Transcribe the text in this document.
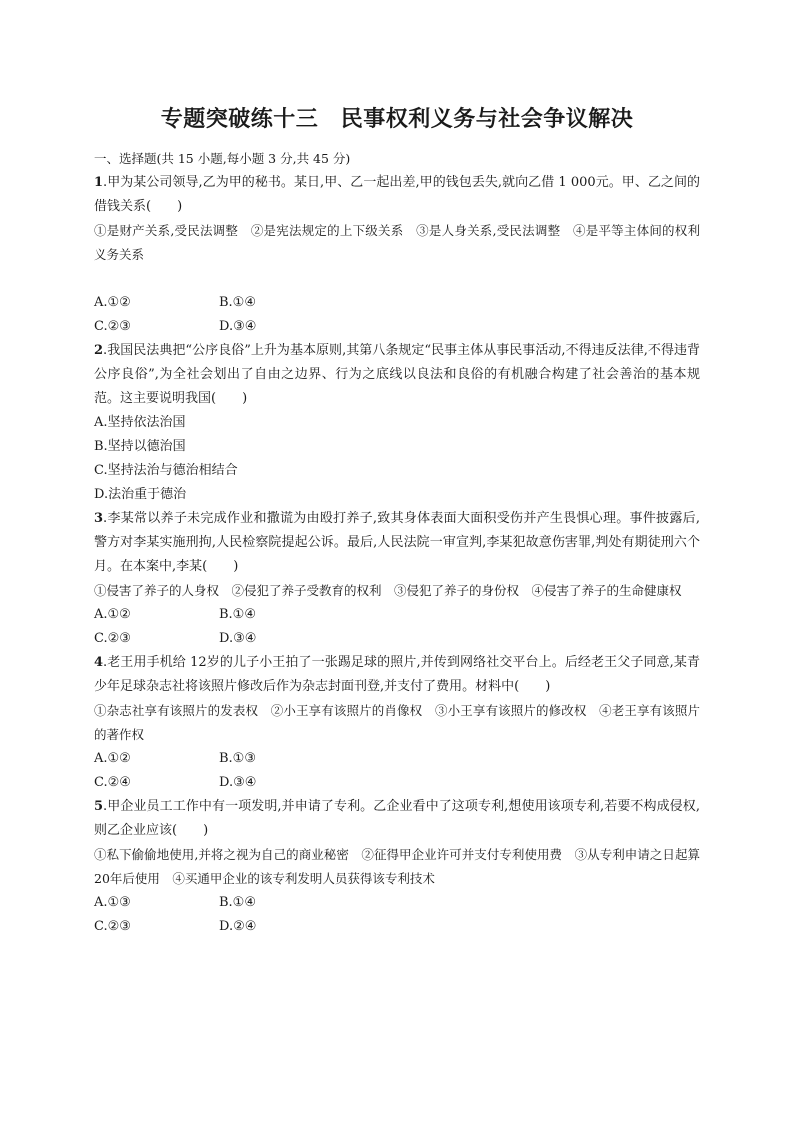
专题突破练十三　民事权利义务与社会争议解决
一、选择题(共 15 小题,每小题 3 分,共 45 分)

1.甲为某公司领导,乙为甲的秘书。某日,甲、乙一起出差,甲的钱包丢失,就向乙借 1 000元。甲、乙之间的借钱关系(　　)

①是财产关系,受民法调整　②是宪法规定的上下级关系　③是人身关系,受民法调整　④是平等主体间的权利义务关系

A.①②	B.①④
C.②③	D.③④

2.我国民法典把“公序良俗”上升为基本原则,其第八条规定“民事主体从事民事活动,不得违反法律,不得违背公序良俗”,为全社会划出了自由之边界、行为之底线以良法和良俗的有机融合构建了社会善治的基本规范。这主要说明我国(　　)

A.坚持依法治国

B.坚持以德治国

C.坚持法治与德治相结合

D.法治重于德治

3.李某常以养子未完成作业和撒谎为由殴打养子,致其身体表面大面积受伤并产生畏惧心理。事件披露后,警方对李某实施刑拘,人民检察院提起公诉。最后,人民法院一审宣判,李某犯故意伤害罪,判处有期徒刑六个月。在本案中,李某(　　)

①侵害了养子的人身权　②侵犯了养子受教育的权利　③侵犯了养子的身份权　④侵害了养子的生命健康权

A.①②	B.①④
C.②③	D.③④

4.老王用手机给 12岁的儿子小王拍了一张踢足球的照片,并传到网络社交平台上。后经老王父子同意,某青少年足球杂志社将该照片修改后作为杂志封面刊登,并支付了费用。材料中(　　)

①杂志社享有该照片的发表权　②小王享有该照片的肖像权　③小王享有该照片的修改权　④老王享有该照片的著作权

A.①②	B.①③
C.②④	D.③④

5.甲企业员工工作中有一项发明,并申请了专利。乙企业看中了这项专利,想使用该项专利,若要不构成侵权,则乙企业应该(　　)

①私下偷偷地使用,并将之视为自己的商业秘密　②征得甲企业许可并支付专利使用费　③从专利申请之日起算 20年后使用　④买通甲企业的该专利发明人员获得该专利技术

A.①③	B.①④
C.②③	D.②④
